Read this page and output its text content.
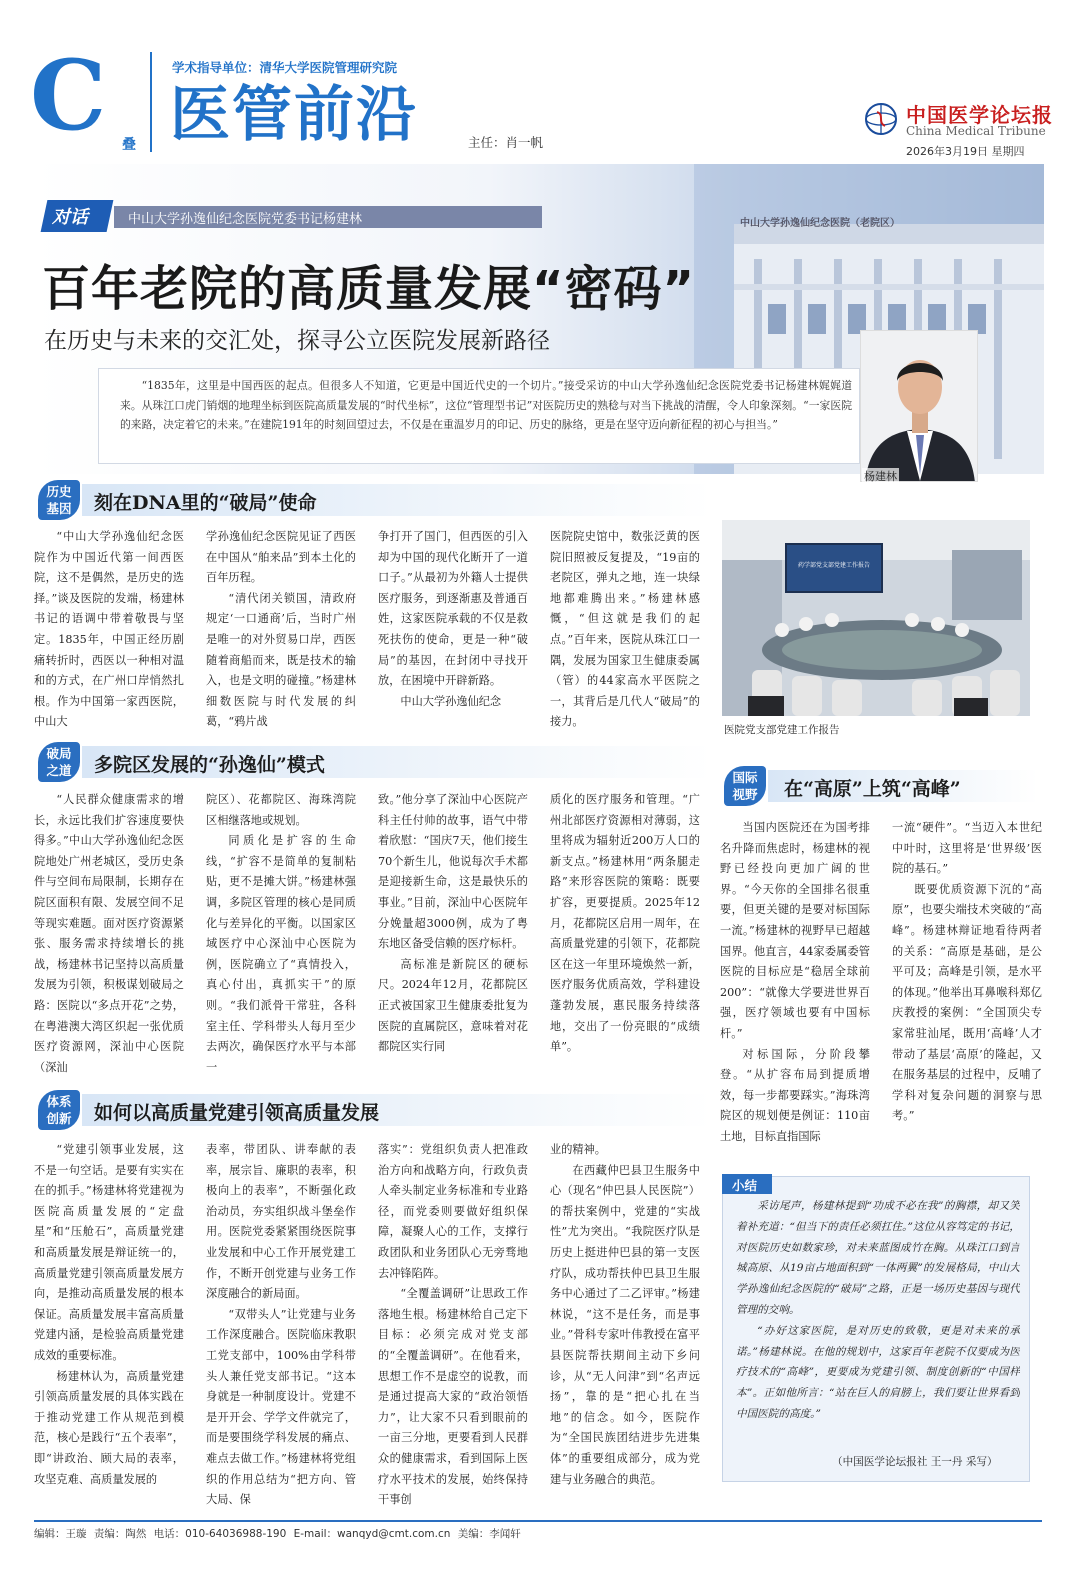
C 叠
学术指导单位：清华大学医院管理研究院
医管前沿	主任：肖一帆
中国医学论坛报
China Medical Tribune
2026年3月19日 星期四
中山大学孙逸仙纪念医院（老院区）
对话	中山大学孙逸仙纪念医院党委书记杨建林
百年老院的高质量发展“密码”
在历史与未来的交汇处，探寻公立医院发展新路径
“1835年，这里是中国西医的起点。但很多人不知道，它更是中国近代史的一个切片。”接受采访的中山大学孙逸仙纪念医院党委书记杨建林娓娓道来。从珠江口虎门销烟的地理坐标到医院高质量发展的“时代坐标”，这位“管理型书记”对医院历史的熟稔与对当下挑战的清醒，令人印象深刻。“一家医院的来路，决定着它的未来。”在建院191年的时刻回望过去，不仅是在重温岁月的印记、历史的脉络，更是在坚守迈向新征程的初心与担当。”
杨建林
历史
基因	刻在DNA里的“破局”使命

“中山大学孙逸仙纪念医院作为中国近代第一间西医院，这不是偶然，是历史的选择。”谈及医院的发端，杨建林书记的语调中带着敬畏与坚定。1835年，中国正经历剧痛转折时，西医以一种相对温和的方式，在广州口岸悄然扎根。作为中国第一家西医院，中山大

学孙逸仙纪念医院见证了西医在中国从“舶来品”到本土化的百年历程。

“清代闭关锁国，清政府规定‘一口通商’后，当时广州是唯一的对外贸易口岸，西医随着商船而来，既是技术的输入，也是文明的碰撞。”杨建林细数医院与时代发展的纠葛，“鸦片战

争打开了国门，但西医的引入却为中国的现代化断开了一道口子。”从最初为外籍人士提供医疗服务，到逐渐惠及普通百姓，这家医院承载的不仅是救死扶伤的使命，更是一种“破局”的基因，在封闭中寻找开放，在困境中开辟新路。

中山大学孙逸仙纪念

医院院史馆中，数张泛黄的医院旧照被反复提及，“19亩的老院区，弹丸之地，连一块绿地都难腾出来。”杨建林感慨，“但这就是我们的起点。”百年来，医院从珠江口一隅，发展为国家卫生健康委属（管）的44家高水平医院之一，其背后是几代人“破局”的接力。

药学部党支部党建工作报告
医院党支部党建工作报告
破局
之道	多院区发展的“孙逸仙”模式

“人民群众健康需求的增长，永远比我们扩容速度要快得多。”中山大学孙逸仙纪念医院地处广州老城区，受历史条件与空间布局限制，长期存在院区面积有限、发展空间不足等现实难题。面对医疗资源紧张、服务需求持续增长的挑战，杨建林书记坚持以高质量发展为引领，积极谋划破局之路：医院以“多点开花”之势，在粤港澳大湾区织起一张优质医疗资源网，深汕中心医院（深汕

院区）、花都院区、海珠湾院区相继落地或规划。

同质化是扩容的生命线，“扩容不是简单的复制粘贴，更不是摊大饼。”杨建林强调，多院区管理的核心是同质化与差异化的平衡。以国家区域医疗中心深汕中心医院为例，医院确立了“真情投入，真心付出，真抓实干”的原则。“我们派骨干常驻，各科室主任、学科带头人每月至少去两次，确保医疗水平与本部一

致。”他分享了深汕中心医院产科主任付帅的故事，语气中带着欣慰：“国庆7天，他们接生70个新生儿，他说每次手术都是迎接新生命，这是最快乐的事业。”目前，深汕中心医院年分娩量超3000例，成为了粤东地区备受信赖的医疗标杆。

高标准是新院区的硬标尺。2024年12月，花都院区正式被国家卫生健康委批复为医院的直属院区，意味着对花都院区实行同

质化的医疗服务和管理。“广州北部医疗资源相对薄弱，这里将成为辐射近200万人口的新支点。”杨建林用“两条腿走路”来形容医院的策略：既要扩容，更要提质。2025年12月，花都院区启用一周年，在高质量党建的引领下，花都院区在这一年里环境焕然一新，医疗服务优质高效，学科建设蓬勃发展，惠民服务持续落地，交出了一份亮眼的“成绩单”。

国际
视野	在“高原”上筑“高峰”

当国内医院还在为国考排名升降而焦虑时，杨建林的视野已经投向更加广阔的世界。“今天你的全国排名很重要，但更关键的是要对标国际一流。”杨建林的视野早已超越国界。他直言，44家委属委管医院的目标应是“稳居全球前200”：“就像大学要进世界百强，医疗领域也要有中国标杆。”

对标国际，分阶段攀登。“从扩容布局到提质增效，每一步都要踩实。”海珠湾院区的规划便是例证：110亩土地，目标直指国际

一流“硬件”。“当迈入本世纪中叶时，这里将是‘世界级’医院的基石。”

既要优质资源下沉的“高原”，也要尖端技术突破的“高峰”。杨建林辩证地看待两者的关系：“高原是基础，是公平可及；高峰是引领，是水平的体现。”他举出耳鼻喉科郑亿庆教授的案例：“全国顶尖专家常驻汕尾，既用‘高峰’人才带动了基层‘高原’的隆起，又在服务基层的过程中，反哺了学科对复杂问题的洞察与思考。”

体系
创新	如何以高质量党建引领高质量发展

“党建引领事业发展，这不是一句空话。是要有实实在在的抓手。”杨建林将党建视为医院高质量发展的“定盘星”和“压舱石”，高质量党建和高质量发展是辩证统一的，高质量党建引领高质量发展方向，是推动高质量发展的根本保证。高质量发展丰富高质量党建内涵，是检验高质量党建成效的重要标准。

杨建林认为，高质量党建引领高质量发展的具体实践在于推动党建工作从规范到模范，核心是践行“五个表率”，即“讲政治、顾大局的表率，攻坚克难、高质量发展的

表率，带团队、讲奉献的表率，展宗旨、廉职的表率，积极向上的表率”，不断强化政治动员，夯实组织战斗堡垒作用。医院党委紧紧围绕医院事业发展和中心工作开展党建工作，不断开创党建与业务工作深度融合的新局面。

“双带头人”让党建与业务工作深度融合。医院临床教职工党支部中，100%由学科带头人兼任党支部书记。“这本身就是一种制度设计。党建不是开开会、学学文件就完了，而是要围绕学科发展的痛点、难点去做工作。”杨建林将党组织的作用总结为“把方向、管大局、保

落实”：党组织负责人把准政治方向和战略方向，行政负责人牵头制定业务标准和专业路径，而党委则要做好组织保障，凝聚人心的工作，支撑行政团队和业务团队心无旁骛地去冲锋陷阵。

“全覆盖调研”让思政工作落地生根。杨建林给自己定下目标：必须完成对党支部的“全覆盖调研”。在他看来，思想工作不是虚空的说教，而是通过提高大家的“政治领悟力”，让大家不只看到眼前的一亩三分地，更要看到人民群众的健康需求，看到国际上医疗水平技术的发展，始终保持干事创

业的精神。

在西藏仲巴县卫生服务中心（现名“仲巴县人民医院”）的帮扶案例中，党建的“实战性”尤为突出。“我院医疗队是历史上挺进仲巴县的第一支医疗队，成功帮扶仲巴县卫生服务中心通过了二乙评审。”杨建林说，“这不是任务，而是事业。”骨科专家叶伟教授在富平县医院帮扶期间主动下乡问诊，从“无人问津”到“名声远扬”，靠的是“把心扎在当地”的信念。如今，医院作为“全国民族团结进步先进集体”的重要组成部分，成为党建与业务融合的典范。

小结

采访尾声，杨建林提到“功成不必在我”的胸襟，却又笑着补充道：“但当下的责任必须扛住。”这位从容笃定的书记，对医院历史如数家珍，对未来蓝图成竹在胸。从珠江口到言城高原、从19亩占地面积到“一体两翼”的发展格局，中山大学孙逸仙纪念医院的“破局”之路，正是一场历史基因与现代管理的交响。

“办好这家医院，是对历史的致敬，更是对未来的承诺。”杨建林说。在他的规划中，这家百年老院不仅要成为医疗技术的“高峰”，更要成为党建引领、制度创新的“中国样本”。正如他所言：“站在巨人的肩膀上，我们要让世界看到中国医院的高度。”

（中国医学论坛报社 王一丹 采写）
编辑：王璇 责编：陶然 电话：010-64036988-190 E-mail：wanqyd@cmt.com.cn 美编：李闻轩
